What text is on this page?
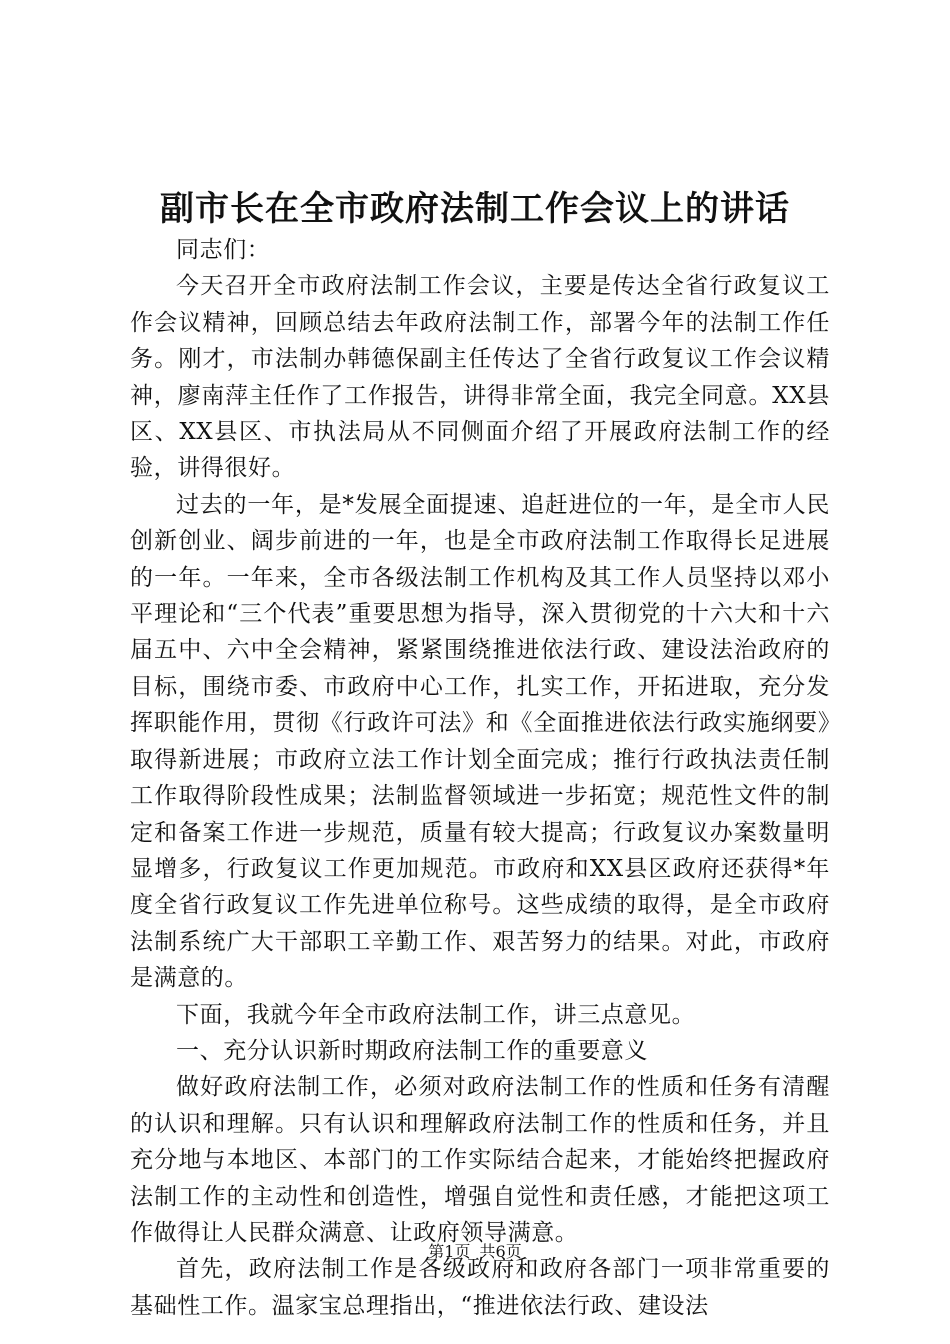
副市长在全市政府法制工作会议上的讲话

同志们：

今天召开全市政府法制工作会议，主要是传达全省行政复议工作会议精神，回顾总结去年政府法制工作，部署今年的法制工作任务。刚才，市法制办韩德保副主任传达了全省行政复议工作会议精神，廖南萍主任作了工作报告，讲得非常全面，我完全同意。XX县区、XX县区、市执法局从不同侧面介绍了开展政府法制工作的经验，讲得很好。

过去的一年，是*发展全面提速、追赶进位的一年，是全市人民创新创业、阔步前进的一年，也是全市政府法制工作取得长足进展的一年。一年来，全市各级法制工作机构及其工作人员坚持以邓小平理论和“三个代表”重要思想为指导，深入贯彻党的十六大和十六届五中、六中全会精神，紧紧围绕推进依法行政、建设法治政府的目标，围绕市委、市政府中心工作，扎实工作，开拓进取，充分发挥职能作用，贯彻《行政许可法》和《全面推进依法行政实施纲要》取得新进展；市政府立法工作计划全面完成；推行行政执法责任制工作取得阶段性成果；法制监督领域进一步拓宽；规范性文件的制定和备案工作进一步规范，质量有较大提高；行政复议办案数量明显增多，行政复议工作更加规范。市政府和XX县区政府还获得*年度全省行政复议工作先进单位称号。这些成绩的取得，是全市政府法制系统广大干部职工辛勤工作、艰苦努力的结果。对此，市政府是满意的。

下面，我就今年全市政府法制工作，讲三点意见。

一、充分认识新时期政府法制工作的重要意义

做好政府法制工作，必须对政府法制工作的性质和任务有清醒的认识和理解。只有认识和理解政府法制工作的性质和任务，并且充分地与本地区、本部门的工作实际结合起来，才能始终把握政府法制工作的主动性和创造性，增强自觉性和责任感，才能把这项工作做得让人民群众满意、让政府领导满意。

首先，政府法制工作是各级政府和政府各部门一项非常重要的基础性工作。温家宝总理指出，“推进依法行政、建设法

第1页 共6页
